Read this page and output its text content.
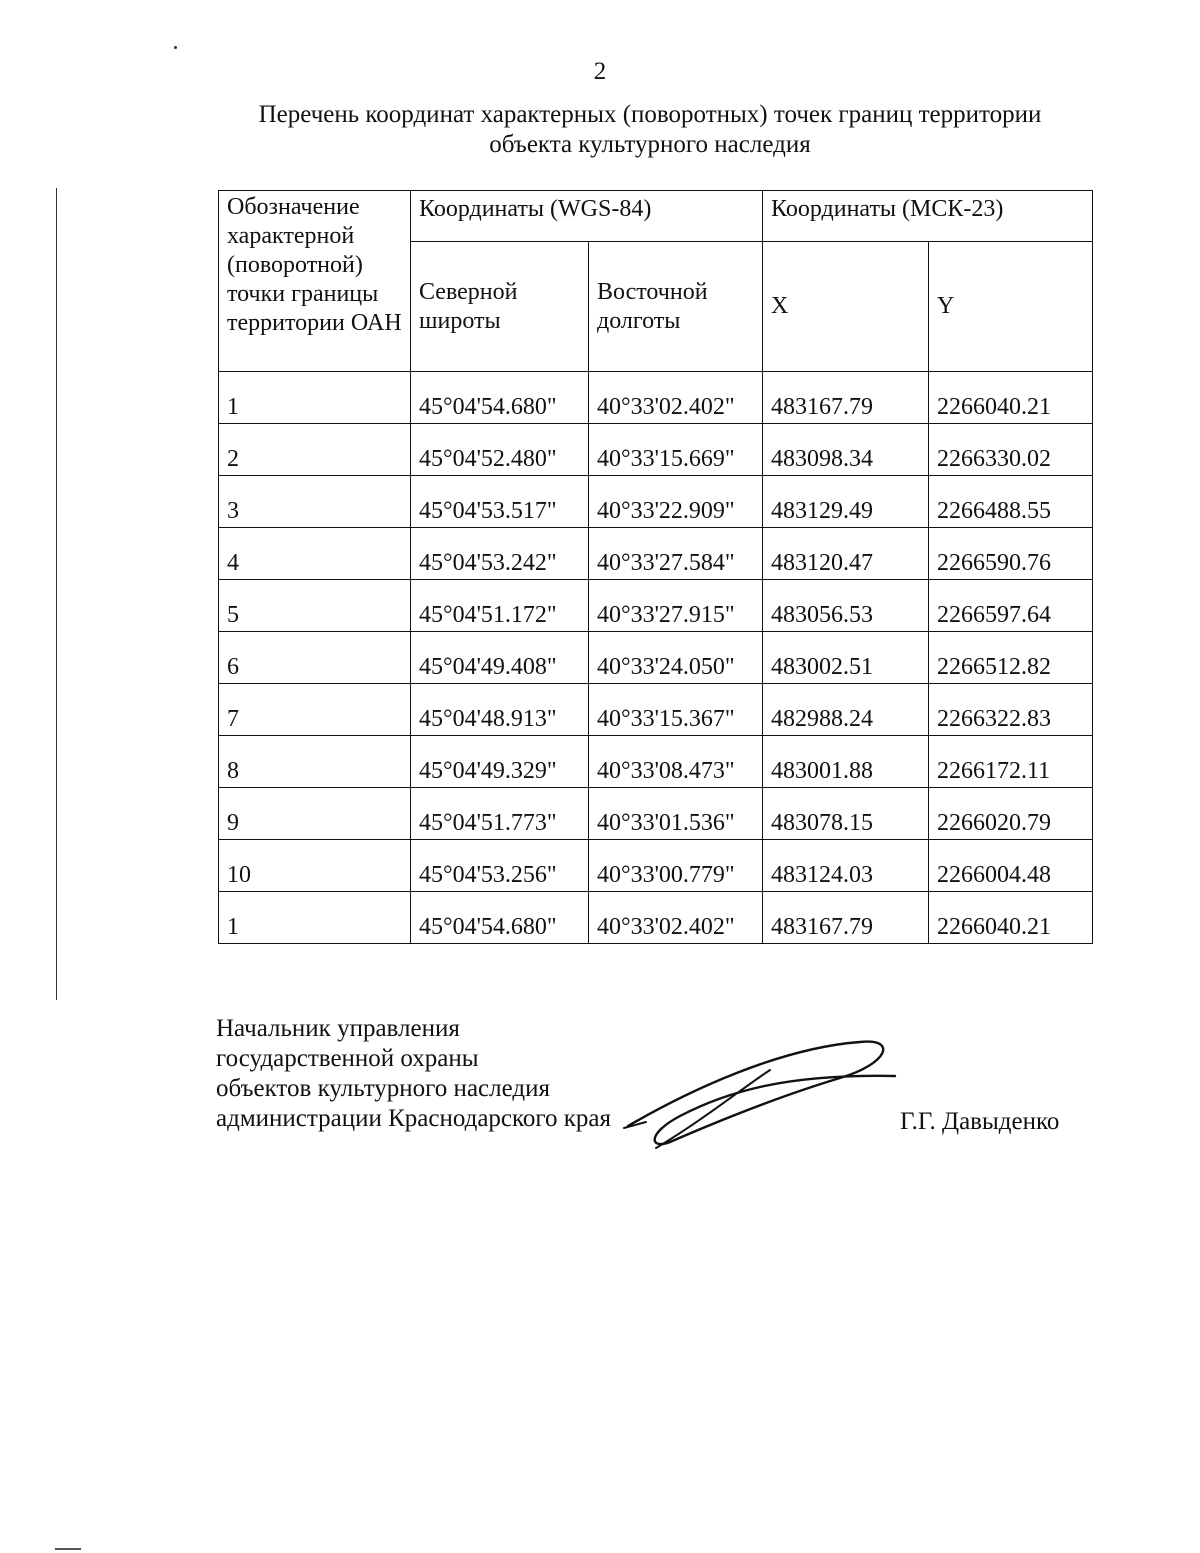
2
Перечень координат характерных (поворотных) точек границ территории
объекта культурного наследия
Обозначение характерной (поворотной) точки границы территории ОАН	Координаты (WGS-84)		Координаты (МСК-23)	
	Северной широты	Восточной долготы	X	Y
1	45°04'54.680"	40°33'02.402"	483167.79	2266040.21
2	45°04'52.480"	40°33'15.669"	483098.34	2266330.02
3	45°04'53.517"	40°33'22.909"	483129.49	2266488.55
4	45°04'53.242"	40°33'27.584"	483120.47	2266590.76
5	45°04'51.172"	40°33'27.915"	483056.53	2266597.64
6	45°04'49.408"	40°33'24.050"	483002.51	2266512.82
7	45°04'48.913"	40°33'15.367"	482988.24	2266322.83
8	45°04'49.329"	40°33'08.473"	483001.88	2266172.11
9	45°04'51.773"	40°33'01.536"	483078.15	2266020.79
10	45°04'53.256"	40°33'00.779"	483124.03	2266004.48
1	45°04'54.680"	40°33'02.402"	483167.79	2266040.21
Начальник управления
государственной охраны
объектов культурного наследия
администрации Краснодарского края	Г.Г. Давыденко
